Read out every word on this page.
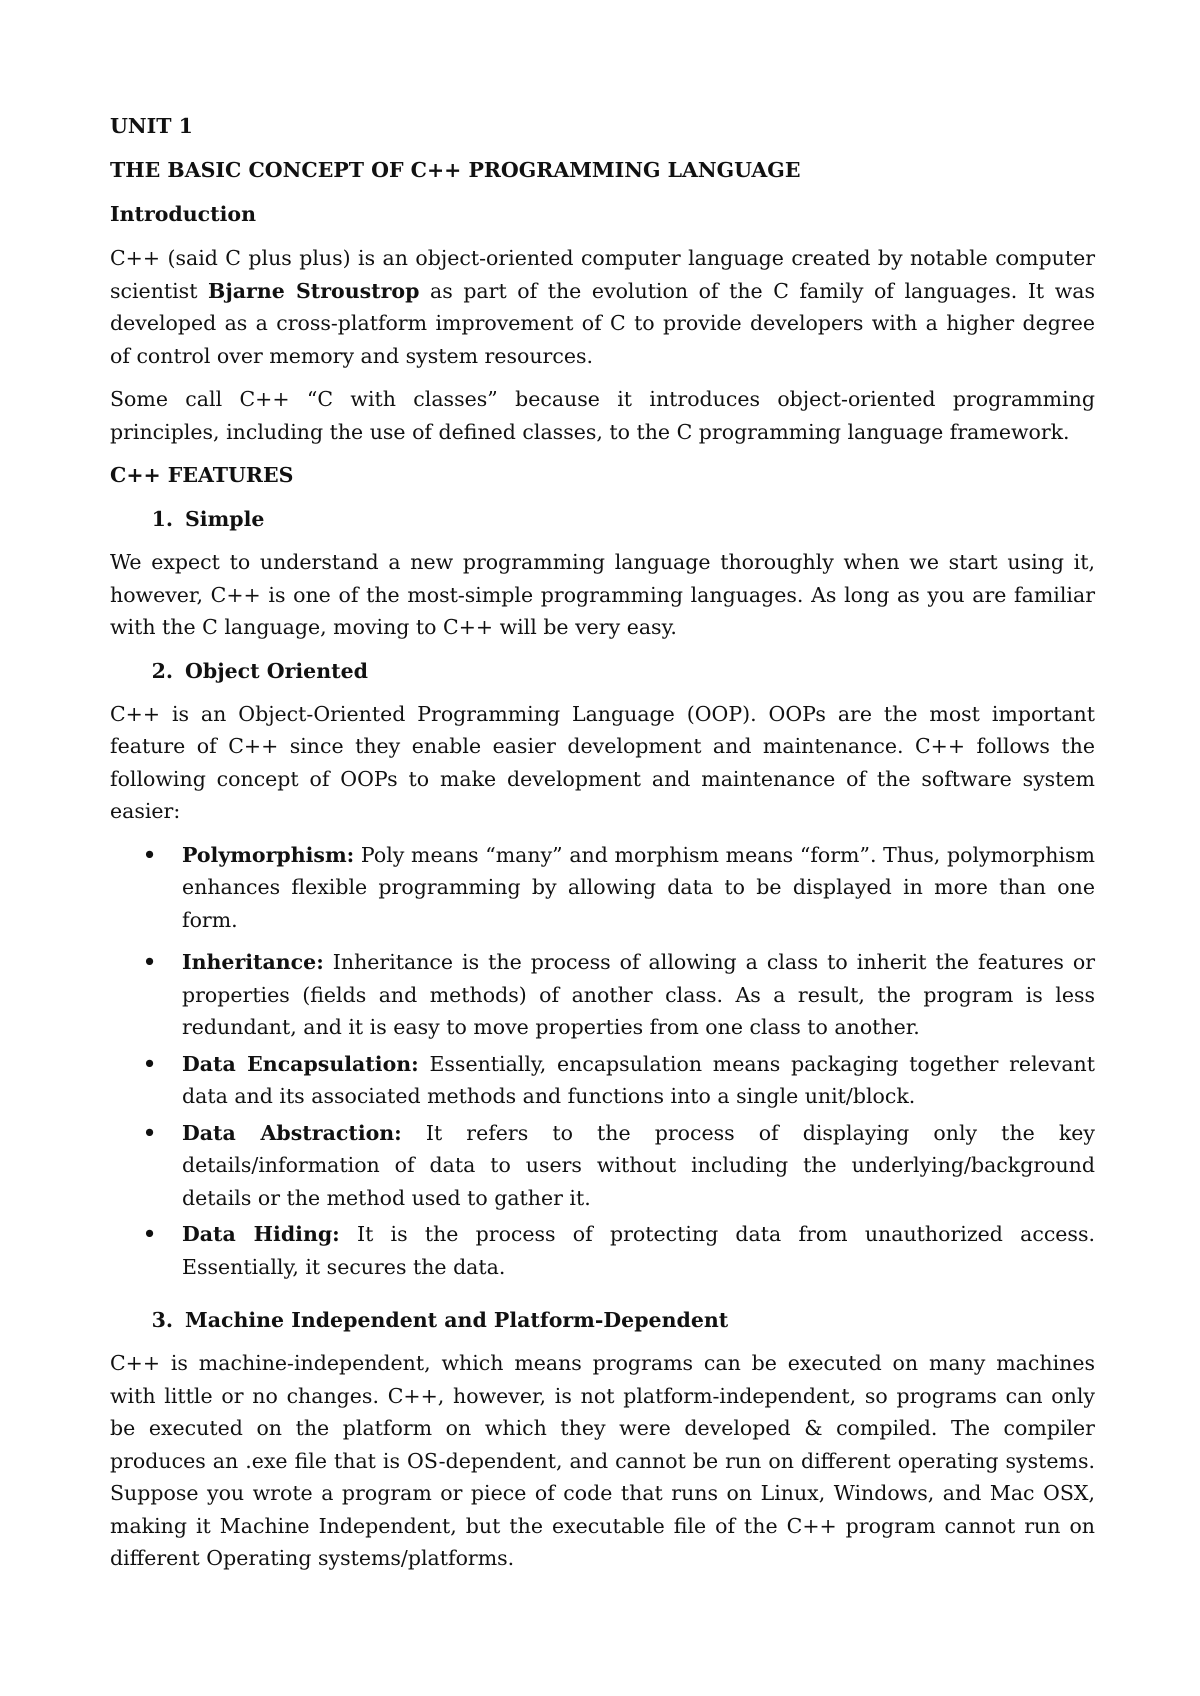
UNIT 1
THE BASIC CONCEPT OF C++ PROGRAMMING LANGUAGE
Introduction

C++ (said C plus plus) is an object-oriented computer language created by notable computer scientist Bjarne Stroustrop as part of the evolution of the C family of languages. It was developed as a cross-platform improvement of C to provide developers with a higher degree of control over memory and system resources.

Some call C++ “C with classes” because it introduces object-oriented programming principles, including the use of defined classes, to the C programming language framework.

C++ FEATURES
1. Simple

We expect to understand a new programming language thoroughly when we start using it, however, C++ is one of the most-simple programming languages. As long as you are familiar with the C language, moving to C++ will be very easy.

2. Object Oriented

C++ is an Object-Oriented Programming Language (OOP). OOPs are the most important feature of C++ since they enable easier development and maintenance. C++ follows the following concept of OOPs to make development and maintenance of the software system easier:

•	Polymorphism: Poly means “many” and morphism means “form”. Thus, polymorphism enhances flexible programming by allowing data to be displayed in more than one form.
•	Inheritance: Inheritance is the process of allowing a class to inherit the features or properties (fields and methods) of another class. As a result, the program is less redundant, and it is easy to move properties from one class to another.
•	Data Encapsulation: Essentially, encapsulation means packaging together relevant data and its associated methods and functions into a single unit/block.
•	Data Abstraction: It refers to the process of displaying only the key details/information of data to users without including the underlying/background details or the method used to gather it.
•	Data Hiding: It is the process of protecting data from unauthorized access. Essentially, it secures the data.
3. Machine Independent and Platform-Dependent

C++ is machine-independent, which means programs can be executed on many machines with little or no changes. C++, however, is not platform-independent, so programs can only be executed on the platform on which they were developed & compiled. The compiler produces an .exe file that is OS-dependent, and cannot be run on different operating systems. Suppose you wrote a program or piece of code that runs on Linux, Windows, and Mac OSX, making it Machine Independent, but the executable file of the C++ program cannot run on different Operating systems/platforms.
